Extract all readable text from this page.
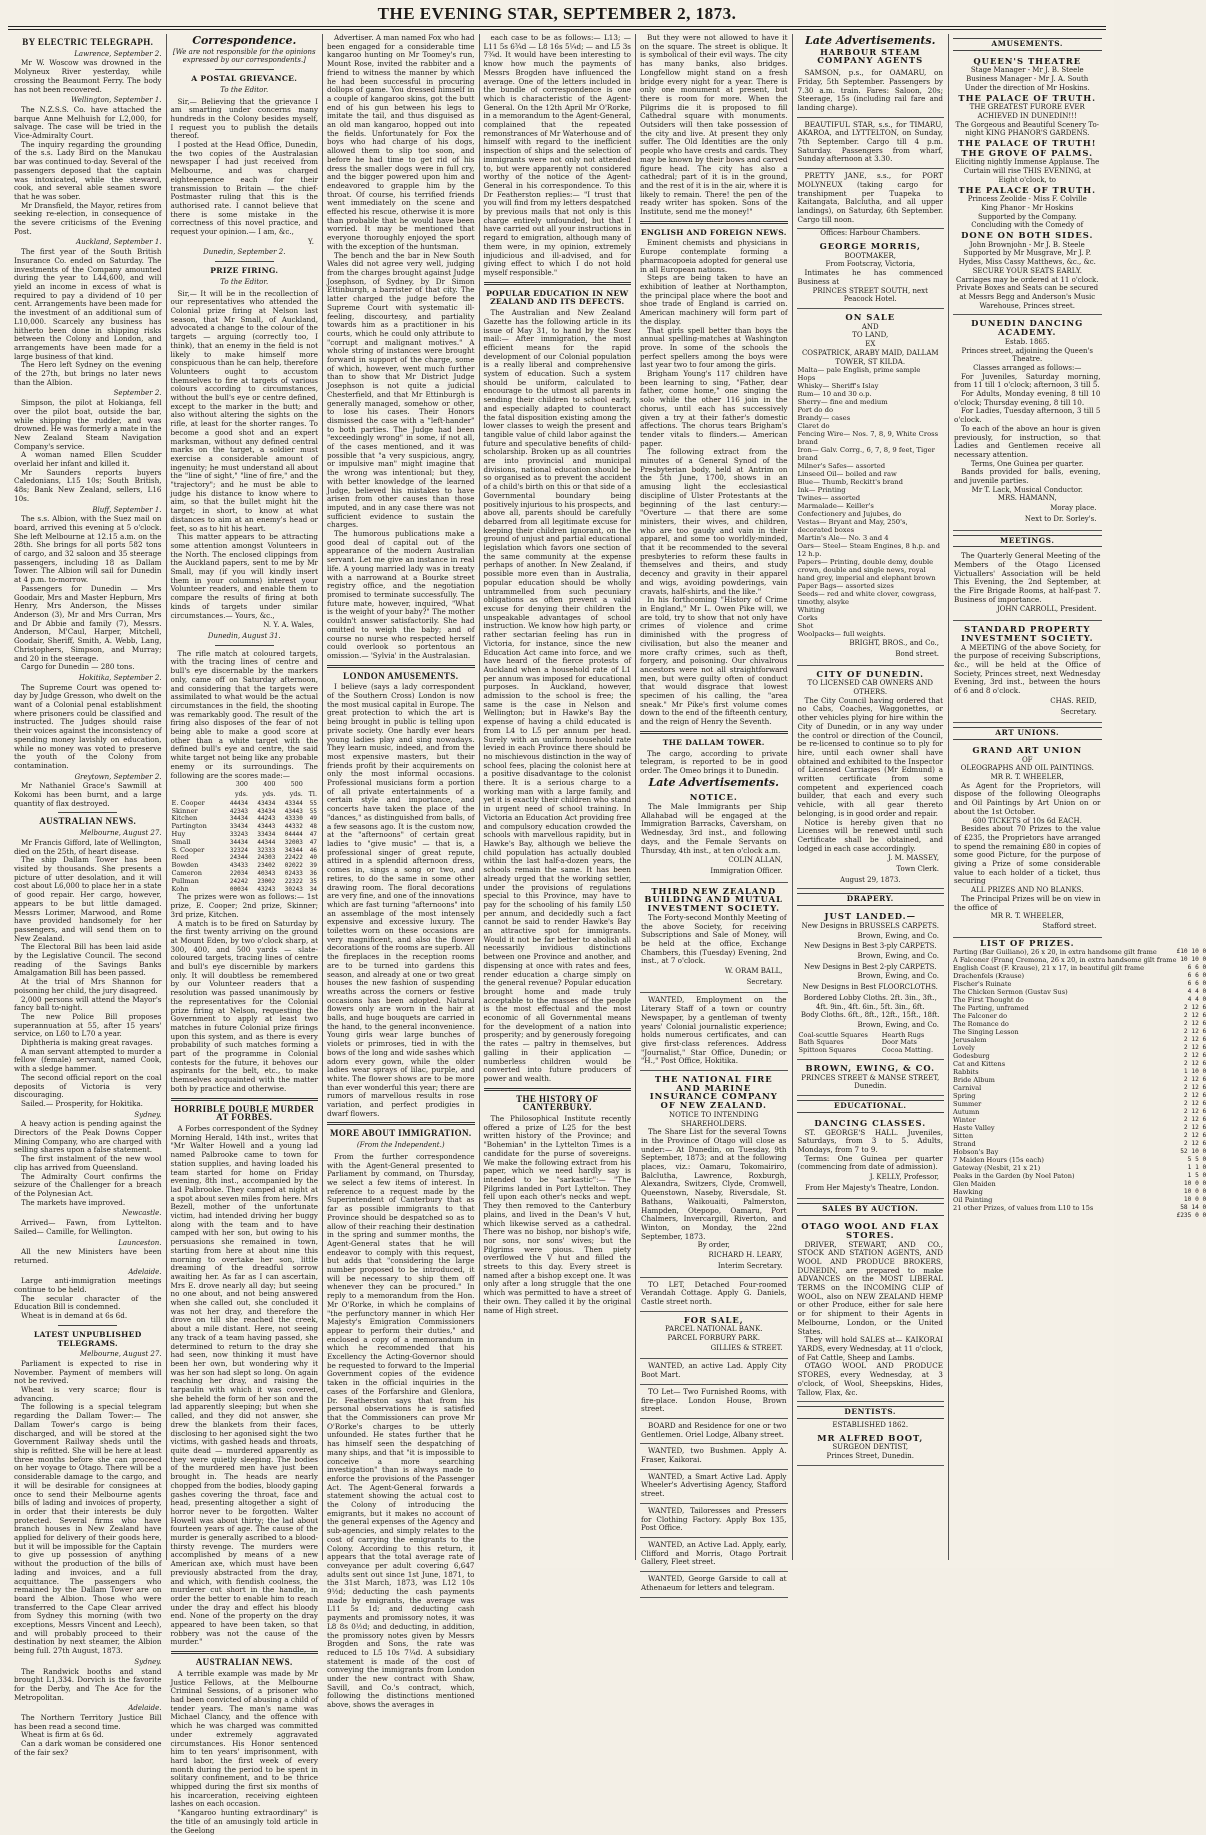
THE EVENING STAR, SEPTEMBER 2, 1873.
BY ELECTRIC TELEGRAPH.
Lawrence, September 2.

Mr W. Woscow was drowned in the Molyneux River yesterday, while crossing the Beaumont Ferry. The body has not been recovered.

Wellington, September 1.

The N.Z.S.S. Co. have attached the barque Anne Melhuish for L2,000, for salvage. The case will be tried in the Vice-Admiralty Court.

The inquiry regarding the grounding of the s.s. Lady Bird on the Manukau bar was continued to-day. Several of the passengers deposed that the captain was intoxicated, while the steward, cook, and several able seamen swore that he was sober.

Mr Dransfield, the Mayor, retires from seeking re-election, in consequence of the severe criticisms of the Evening Post.

Auckland, September 1.

The first year of the South British Insurance Co. ended on Saturday. The investments of the Company amounted during the year to L44,600, and will yield an income in excess of what is required to pay a dividend of 10 per cent. Arrangements have been made for the investment of an additional sum of L10,000. Scarcely any business has hitherto been done in shipping risks between the Colony and London, and arrangements have been made for a large business of that kind.

The Hero left Sydney on the evening of the 27th, but brings no later news than the Albion.

September 2.

Simpson, the pilot at Hokianga, fell over the pilot boat, outside the bar, while shipping the rudder, and was drowned. He was formerly a mate in the New Zealand Steam Navigation Company's service.

A woman named Ellen Scudder overlaid her infant and killed it.

Mr Saunders reports buyers Caledonians, L15 10s; South British, 48s; Bank New Zealand, sellers, L16 10s.

Bluff, September 1.

The s.s. Albion, with the Suez mail on board, arrived this evening at 5 o'clock. She left Melbourne at 12.15 a.m. on the 28th. She brings for all ports 582 tons of cargo, and 32 saloon and 35 steerage passengers, including 18 as Dallam Tower. The Albion will sail for Dunedin at 4 p.m. to-morrow.

Passengers for Dunedin — Mrs Goodair, Mrs and Master Hepburn, Mrs Henry, Mrs Anderson, the Misses Anderson (3), Mr and Mrs Curran, Mrs and Dr Abbie and family (7), Messrs. Anderson, M'Caul, Harper, Mitchell, Goodair, Sheriff, Smith, A. Webb, Lang, Christophers, Simpson, and Murray; and 20 in the steerage.

Cargo for Dunedin — 280 tons.

Hokitika, September 2.

The Supreme Court was opened to-day by Judge Gresson, who dwelt on the want of a Colonial penal establishment where prisoners could be classified and instructed. The Judges should raise their voices against the inconsistency of spending money lavishly on education, while no money was voted to preserve the youth of the Colony from contamination.

Greytown, September 2.

Mr Nathaniel Grace's Sawmill at Kokomi has been burnt, and a large quantity of flax destroyed.

AUSTRALIAN NEWS.
Melbourne, August 27.

Mr Francis Gifford, late of Wellington, died on the 25th, of heart disease.

The ship Dallam Tower has been visited by thousands. She presents a picture of utter desolation, and it will cost about L6,000 to place her in a state of good repair. Her cargo, however, appears to be but little damaged. Messrs Lorimer, Marwood, and Rome have provided handsomely for her passengers, and will send them on to New Zealand.

The Electoral Bill has been laid aside by the Legislative Council. The second reading of the Savings Banks Amalgamation Bill has been passed.

At the trial of Mrs Shannon for poisoning her child, the jury disagreed.

2,000 persons will attend the Mayor's fancy ball to-night.

The new Police Bill proposes superannuation at 55, after 15 years' service, on L60 to L70 a year.

Diphtheria is making great ravages.

A man servant attempted to murder a fellow (female) servant, named Cook, with a sledge hammer.

The second official report on the coal deposits of Victoria is very discouraging.

Sailed.— Prosperity, for Hokitika.

Sydney.

A heavy action is pending against the Directors of the Peak Downs Copper Mining Company, who are charged with selling shares upon a false statement.

The first instalment of the new wool clip has arrived from Queensland.

The Admiralty Court confirms the seizure of the Challenger for a breach of the Polynesian Act.

The markets have improved.

Newcastle.

Arrived— Fawn, from Lyttelton. Sailed— Camille, for Wellington.

Launceston.

All the new Ministers have been returned.

Adelaide.

Large anti-immigration meetings continue to be held.

The secular character of the Education Bill is condemned.

Wheat is in demand at 6s 6d.

LATEST UNPUBLISHED TELEGRAMS.
Melbourne, August 27.

Parliament is expected to rise in November. Payment of members will not be revived.

Wheat is very scarce; flour is advancing.

The following is a special telegram regarding the Dallam Tower:— The Dallam Tower's cargo is being discharged, and will be stored at the Government Railway sheds until the ship is refitted. She will be here at least three months before she can proceed on her voyage to Otago. There will be a considerable damage to the cargo, and it will be desirable for consignees at once to send their Melbourne agents bills of lading and invoices of property, in order that their interests be duly protected. Several firms who have branch houses in New Zealand have applied for delivery of their goods here, but it will be impossible for the Captain to give up possession of anything without the production of the bills of lading and invoices, and a full acquittance. The passengers who remained by the Dallam Tower are on board the Albion. Those who were transferred to the Cape Clear arrived from Sydney this morning (with two exceptions, Messrs Vincent and Leech), and will probably proceed to their destination by next steamer, the Albion being full. 27th August, 1873.

Sydney.

The Randwick booths and stand brought L1,334. Dorvich is the favorite for the Derby, and The Ace for the Metropolitan.

Adelaide.

The Northern Territory Justice Bill has been read a second time.

Wheat is firm at 6s 6d.

Can a dark woman be considered one of the fair sex?

Correspondence.
[We are not responsible for the opinions expressed by our correspondents.]
A POSTAL GRIEVANCE.
To the Editor.

Sir,— Believing that the grievance I am smarting under concerns many hundreds in the Colony besides myself, I request you to publish the details thereof.

I posted at the Head Office, Dunedin, the two copies of the Australasian newspaper I had just received from Melbourne, and was charged eighteenpence each for their transmission to Britain — the chief-Postmaster ruling that this is the authorised rate. I cannot believe that there is some mistake in the correctness of this novel practice, and request your opinion.— I am, &c.,

Y.
Dunedin, September 2.
PRIZE FIRING.
To the Editor.

Sir,— It will be in the recollection of our representatives who attended the Colonial prize firing at Nelson last season, that Mr Small, of Auckland, advocated a change to the colour of the targets — arguing (correctly too, I think), that an enemy in the field is not likely to make himself more conspicuous than he can help, therefore Volunteers ought to accustom themselves to fire at targets of various colours according to circumstances, without the bull's eye or centre defined, except to the marker in the butt; and also without altering the sights on the rifle, at least for the shorter ranges. To become a good shot and an expert marksman, without any defined central marks on the target, a soldier must exercise a considerable amount of ingenuity; he must understand all about the "line of sight," "line of fire," and the "trajectory"; and he must be able to judge his distance to know where to aim, so that the bullet might hit the target; in short, to know at what distances to aim at an enemy's head or feet, so as to hit his heart.

This matter appears to be attracting some attention amongst Volunteers in the North. The enclosed clippings from the Auckland papers, sent to me by Mr Small, may (if you will kindly insert them in your columns) interest your Volunteer readers, and enable them to compare the results of firing at both kinds of targets under similar circumstances.— Yours, &c.,

N. Y. A. Wales,
Dunedin, August 31.

The rifle match at coloured targets, with the tracing lines of centre and bull's eye discernable by the markers only, came off on Saturday afternoon, and considering that the targets were assimilated to what would be the actual circumstances in the field, the shooting was remarkably good. The result of the firing also disposes of the fear of not being able to make a good score at other than a white target with the defined bull's eye and centre, the said white target not being like any probable enemy or its surroundings. The following are the scores made:—

	300	400	500	
	yds.	yds.	yds.	Tl.
E. Cooper	44434	43434	43344	55
Skinner	42343	43434	43443	55
Kitchen	34434	44243	43330	49
Partington	33434	43443	44332	48
Huy	33243	33434	04444	47
Small	34434	44344	32003	47
S. Cooper	32324	32333	34344	46
Reed	24344	24303	22422	40
Bowden	43433	23402	02022	39
Cameron	22034	40343	02433	36
Pullman	24242	23002	22322	35
Kohn	00034	43243	30243	34

The prizes were won as follows:— 1st prize, E. Cooper; 2nd prize, Skinner; 3rd prize, Kitchen.

A match is to be fired on Saturday by the first twenty arriving on the ground at Mount Eden, by two o'clock sharp, at 300, 400, and 500 yards — slate-coloured targets, tracing lines of centre and bull's eye discernible by markers only. It will doubtless be remembered by our Volunteer readers that a resolution was passed unanimously by the representatives for the Colonial prize firing at Nelson, requesting the Government to apply at least two matches in future Colonial prize firings upon this system, and as there is every probability of such matches forming a part of the programme in Colonial contests for the future, it behoves our aspirants for the belt, etc., to make themselves acquainted with the matter both by practice and otherwise.

HORRIBLE DOUBLE MURDER AT FORBES.

A Forbes correspondent of the Sydney Morning Herald, 14th inst., writes that "Mr Walter Howell and a young lad named Palbrooke came to town for station supplies, and having loaded his team started for home on Friday evening, 8th inst., accompanied by the lad Palbrooke. They camped at night at a spot about seven miles from here. Mrs Bezell, mother of the unfortunate victim, had intended driving her buggy along with the team and to have camped with her son, but owing to his persuasions she remained in town, starting from here at about nine this morning to overtake her son, little dreaming of the dreadful sorrow awaiting her. As far as I can ascertain, Mrs E. drove nearly all day; but seeing no one about, and not being answered when she called out, she concluded it was not her dray, and therefore the drove on till she reached the creek, about a mile distant. Here, not seeing any track of a team having passed, she determined to return to the dray she had seen, now thinking it must have been her own, but wondering why it was her son had slept so long. On again reaching her dray, and raising the tarpaulin with which it was covered, she beheld the form of her son and the lad apparently sleeping; but when she called, and they did not answer, she drew the blankets from their faces, disclosing to her agonised sight the two victims, with gashed heads and throats, quite dead — murdered apparently as they were quietly sleeping. The bodies of the murdered men have just been brought in. The heads are nearly chopped from the bodies, bloody gaping gashes covering the throat, face and head, presenting altogether a sight of horror never to be forgotten. Walter Howell was about thirty; the lad about fourteen years of age. The cause of the murder is generally ascribed to a blood-thirsty revenge. The murders were accomplished by means of a new American axe, which must have been previously abstracted from the dray, and which, with fiendish coolness, the murderer cut short in the handle, in order the better to enable him to reach under the dray and effect his bloody end. None of the property on the dray appeared to have been taken, so that robbery was not the cause of the murder."

AUSTRALIAN NEWS.

A terrible example was made by Mr Justice Fellows, at the Melbourne Criminal Sessions, of a prisoner who had been convicted of abusing a child of tender years. The man's name was Michael Clancy, and the offence with which he was charged was committed under extremely aggravated circumstances. His Honor sentenced him to ten years' imprisonment, with hard labor, the first week of every month during the period to be spent in solitary confinement, and to be thrice whipped during the first six months of his incarceration, receiving eighteen lashes on each occasion.

"Kangaroo hunting extraordinary" is the title of an amusingly told article in the Geelong

Advertiser. A man named Fox who had been engaged for a considerable time kangaroo hunting on Mr Toomey's run, Mount Rose, invited the rabbiter and a friend to witness the manner by which he had been successful in procuring dollops of game. You dressed himself in a couple of kangaroo skins, got the butt end of his gun between his legs to imitate the tail, and thus disguised as an old man kangaroo, hopped out into the fields. Unfortunately for Fox the boys who had charge of his dogs, allowed them to slip too soon, and before he had time to get rid of his dress the smaller dogs were in full cry, and the bigger powered upon him and endeavored to grapple him by the throat. Of course, his terrified friends went immediately on the scene and effected his rescue, otherwise it is more than probable that he would have been worried. It may be mentioned that everyone thoroughly enjoyed the sport with the exception of the huntsman.

The bench and the bar in New South Wales did not agree very well, judging from the charges brought against Judge Josephson, of Sydney, by Dr Simon Ettinburgh, a barrister of that city. The latter charged the judge before the Supreme Court with systematic ill-feeling, discourtesy, and partiality towards him as a practitioner in his courts, which he could only attribute to "corrupt and malignant motives." A whole string of instances were brought forward in support of the charge, some of which, however, went much further than to show that Mr District Judge Josephson is not quite a judicial Chesterfield, and that Mr Ettinburgh is generally managed, somehow or other, to lose his cases. Their Honors dismissed the case with a "left-hander" to both parties. The Judge had been "exceedingly wrong" in some, if not all, of the cases mentioned, and it was possible that "a very suspicious, angry, or impulsive man" might imagine that the wrong was intentional; but they, with better knowledge of the learned Judge, believed his mistakes to have arisen from other causes than those imputed, and in any case there was not sufficient evidence to sustain the charges.

The humorous publications make a good deal of capital out of the appearance of the modern Australian servant. Let me give an instance in real life. A young married lady was in treaty with a narrowand at a Bourke street registry office, and the negotiation promised to terminate successfully. The future mate, however, inquired, "What is the weight of your baby?" The mother couldn't answer satisfactorily. She had omitted to weigh the baby; and of course no nurse who respected herself could overlook so portentous an omission.— 'Sylvia' in the Australasian.

LONDON AMUSEMENTS.

I believe (says a lady correspondent of the Southern Cross) London is now the most musical capital in Europe. The great protection to which the art is being brought in public is telling upon private society. One hardly ever hears young ladies play and sing nowadays. They learn music, indeed, and from the most expensive masters, but their friends profit by their acquirements on only the most informal occasions. Professional musicians form a portion of all private entertainments of a certain style and importance, and concerts have taken the place of the "dances," as distinguished from balls, of a few seasons ago. It is the custom now, at the "afternoons" of certain great ladies to "give music" — that is, a professional singer of great repute, attired in a splendid afternoon dress, comes in, sings a song or two, and retires, to do the same in some other drawing room. The floral decorations are very fine, and one of the innovations which are fast turning "afternoons" into an assemblage of the most intensely expensive and excessive luxury. The toilettes worn on these occasions are very magnificent, and also the flower decorations of the rooms are superb. All the fireplaces in the reception rooms are to be turned into gardens this season, and already at one or two great houses the new fashion of suspending wreaths across the corners or festive occasions has been adopted. Natural flowers only are worn in the hair at balls, and huge bouquets are carried in the hand, to the general inconvenience. Young girls wear large bunches of violets or primroses, tied in with the bows of the long and wide sashes which adorn every gown, while the older ladies wear sprays of lilac, purple, and white. The flower shows are to be more than ever wonderful this year; there are rumors of marvellous results in rose variation, and perfect prodigies in dwarf flowers.

MORE ABOUT IMMIGRATION.
(From the Independent.)

From the further correspondence with the Agent-General presented to Parliament by command, on Thursday, we select a few items of interest. In reference to a request made by the Superintendent of Canterbury that as far as possible immigrants to that Province should be despatched so as to allow of their reaching their destination in the spring and summer months, the Agent-General states that he will endeavor to comply with this request, but adds that "considering the large number proposed to be introduced, it will be necessary to ship them off whenever they can be procured." In reply to a memorandum from the Hon. Mr O'Rorke, in which he complains of "the perfunctory manner in which Her Majesty's Emigration Commissioners appear to perform their duties," and enclosed a copy of a memorandum in which he recommended that his Excellency the Acting-Governor should be requested to forward to the Imperial Government copies of the evidence taken in the official inquiries in the cases of the Forfarshire and Glenlora, Dr. Featherston says that from his personal observations he is satisfied that the Commissioners can prove Mr O'Rorke's charges to be utterly unfounded. He states further that he has himself seen the despatching of many ships, and that "it is impossible to conceive a more searching investigation" than is always made to enforce the provisions of the Passenger Act. The Agent-General forwards a statement showing the actual cost to the Colony of introducing the emigrants, but it makes no account of the general expenses of the Agency and sub-agencies, and simply relates to the cost of carrying the emigrants to the Colony. According to this return, it appears that the total average rate of conveyance per adult covering 6,647 adults sent out since 1st June, 1871, to the 31st March, 1873, was L12 10s 9½d; deducting the cash payments made by emigrants, the average was L11 5s 1d; and deducting cash payments and promissory notes, it was L8 8s 0½d; and deducting, in addition, the promissory notes given by Messrs Brogden and Sons, the rate was reduced to L5 10s 7¼d. A subsidiary statement is made of the cost of conveying the immigrants from London under the new contract with Shaw, Savill, and Co.'s contract, which, following the distinctions mentioned above, shows the averages in

each case to be as follows:— L13; — L11 5s 6¾d — L8 16s 5¼d; — and L5 3s 7¾d. It would have been interesting to know how much the payments of Messrs Brogden have influenced the average. One of the letters included in the bundle of correspondence is one which is characteristic of the Agent-General. On the 12th April Mr O'Rorke, in a memorandum to the Agent-General, complained that the repeated remonstrances of Mr Waterhouse and of himself with regard to the inefficient inspection of ships and the selection of immigrants were not only not attended to, but were apparently not considered worthy of the notice of the Agent-General in his correspondence. To this Dr Featherston replies:— "I trust that you will find from my letters despatched by previous mails that not only is this charge entirely unfounded, but that I have carried out all your instructions in regard to emigration, although many of them were, in my opinion, extremely injudicious and ill-advised, and for giving effect to which I do not hold myself responsible."

POPULAR EDUCATION IN NEW ZEALAND AND ITS DEFECTS.

The Australian and New Zealand Gazette has the following article in its issue of May 31, to hand by the Suez mail:— After immigration, the most efficient means for the rapid development of our Colonial population is a really liberal and comprehensive system of education. Such a system should be uniform, calculated to encourage to the utmost all parents in sending their children to school early, and especially adapted to counteract the fatal disposition existing among the lower classes to weigh the present and tangible value of child labor against the future and speculative benefits of child-scholarship. Broken up as all countries are into provincial and municipal divisions, national education should be so organised as to prevent the accident of a child's birth on this or that side of a Governmental boundary being positively injurious to his prospects, and above all, parents should be carefully debarred from all legitimate excuse for keeping their children ignorant, on the ground of unjust and partial educational legislation which favors one section of the same community at the expense perhaps of another. In New Zealand, if possible more even than in Australia, popular education should be wholly untrammelled from such pecuniary obligations as often prevent a valid excuse for denying their children the unspeakable advantages of school instruction. We know how high party, or rather sectarian feeling has run in Victoria, for instance, since the new Education Act came into force, and we have heard of the fierce protests of Auckland when a household rate of L1 per annum was imposed for educational purposes. In Auckland, however, admission to the school is free; the same is the case in Nelson and Wellington; but in Hawke's Bay the expense of having a child educated is from L4 to L5 per annum per head. Surely with an uniform household rate levied in each Province there should be no mischievous distinction in the way of school fees, placing the colonist here at a positive disadvantage to the colonist there. It is a serious charge to a working man with a large family, and yet it is exactly their children who stand in urgent need of school training. In Victoria an Education Act providing free and compulsory education crowded the schools with marvellous rapidity, but in Hawke's Bay, although we believe the child population has actually doubled within the last half-a-dozen years, the schools remain the same. It has been already urged that the working settler, under the provisions of regulations special to this Province, may have to pay for the schooling of his family L50 per annum, and decidedly such a fact cannot be said to render Hawke's Bay an attractive spot for immigrants. Would it not be far better to abolish all necessarily invidious distinctions between one Province and another, and dispensing at once with rates and fees, render education a charge simply on the general revenue? Popular education brought home and made truly acceptable to the masses of the people is the most effectual and the most economic of all Governmental means for the development of a nation into prosperity; and by generously foregoing the rates — paltry in themselves, but galling in their application — numberless children would be converted into future producers of power and wealth.

THE HISTORY OF CANTERBURY.

The Philosophical Institute recently offered a prize of L25 for the best written history of the Province; and "Bohemian" in the Lyttelton Times is a candidate for the purse of sovereigns. We make the following extract from his paper, which we need hardly say is intended to be "sarkastic":— "The Pilgrims landed in Port Lyttelton. They fell upon each other's necks and wept. They then removed to the Canterbury plains, and lived in the Dean's V hut, which likewise served as a cathedral. There was no bishop, nor bishop's wife, nor sons, nor sons' wives; but the Pilgrims were pious. Then piety overflowed the V hut and filled the streets to this day. Every street is named after a bishop except one. It was only after a long struggle that the one which was permitted to have a street of their own. They called it by the original name of High street.

But they were not allowed to have it on the square. The street is oblique. It is symbolical of their evil ways. The city has many banks, also bridges. Longfellow might stand on a fresh bridge every night for a year. There is only one monument at present, but there is room for more. When the Pilgrims die it is proposed to fill Cathedral square with monuments. Outsiders will then take possession of the city and live. At present they only suffer. The Old Identities are the only people who have crests and cards. They may be known by their bows and carved figure head. The city has also a cathedral; part of it is in the ground, and the rest of it is in the air, where it is likely to remain. There! the pen of the ready writer has spoken. Sons of the Institute, send me the money!"

ENGLISH AND FOREIGN NEWS.

Eminent chemists and physicians in Europe contemplate forming a pharmacopoeia adopted for general use in all European nations.

Steps are being taken to have an exhibition of leather at Northampton, the principal place where the boot and shoe trade of England is carried on. American machinery will form part of the display.

That girls spell better than boys the annual spelling-matches at Washington prove. In some of the schools the perfect spellers among the boys were last year two to four among the girls.

Brigham Young's 117 children have been learning to sing, "Father, dear father, come home," one singing the solo while the other 116 join in the chorus, until each has successively given a try at their father's domestic affections. The chorus tears Brigham's tender vitals to flinders.— American paper.

The following extract from the minutes of a General Synod of the Presbyterian body, held at Antrim on the 5th June, 1700, shows in an amusing light the ecclesiastical discipline of Ulster Protestants at the beginning of the last century:— "Overture — that there are some ministers, their wives, and children, who are too gaudy and vain in their apparel, and some too worldly-minded, that it be recommended to the several presbyteries to reform these faults in themselves and theirs, and study decency and gravity in their apparel and wigs, avoiding powderings, vain cravats, half-shirts, and the like."

In his forthcoming "History of Crime in England," Mr L. Owen Pike will, we are told, try to show that not only have crimes of violence and crime diminished with the progress of civilisation, but also the meaner and more crafty crimes, such as theft, forgery, and poisoning. Our chivalrous ancestors were not all straightforward men, but were guilty often of conduct that would disgrace that lowest specimen of his calling, the "area sneak." Mr Pike's first volume comes down to the end of the fifteenth century, and the reign of Henry the Seventh.

THE DALLAM TOWER.

The cargo, according to private telegram, is reported to be in good order. The Omeo brings it to Dunedin.

Late Advertisements.
NOTICE.

The Male Immigrants per Ship Allahabad will be engaged at the Immigration Barracks, Caversham, on Wednesday, 3rd inst., and following days, and the Female Servants on Thursday, 4th inst., at ten o'clock a.m.

COLIN ALLAN,
Immigration Officer.
THIRD NEW ZEALAND BUILDING AND MUTUAL INVESTMENT SOCIETY.

The Forty-second Monthly Meeting of the above Society, for receiving Subscriptions and Sale of Money, will be held at the office, Exchange Chambers, this (Tuesday) Evening, 2nd inst., at 7 o'clock.

W. ORAM BALL,
Secretary.

WANTED, Employment on the Literary Staff of a town or country Newspaper, by a gentleman of twenty years' Colonial journalistic experience; holds numerous certificates, and can give first-class references. Address "Journalist," Star Office, Dunedin; or "H.," Post Office, Hokitika.

THE NATIONAL FIRE AND MARINE INSURANCE COMPANY OF NEW ZEALAND.
NOTICE TO INTENDING SHAREHOLDERS.

The Share List for the several Towns in the Province of Otago will close as under:— At Dunedin, on Tuesday, 9th September, 1873; and at the following places, viz.: Oamaru, Tokomairiro, Balclutha, Lawrence, Roxburgh, Alexandra, Switzers, Clyde, Cromwell, Queenstown, Naseby, Riversdale, St. Bathans, Waikouaiti, Palmerston, Hampden, Otepopo, Oamaru, Port Chalmers, Invercargill, Riverton, and Winton, on Monday, the 22nd September, 1873.

By order,
RICHARD H. LEARY,
Interim Secretary.

TO LET, Detached Four-roomed Verandah Cottage. Apply G. Daniels, Castle street north.

FOR SALE,
PARCEL NATIONAL BANK.
PARCEL FORBURY PARK.
GILLIES & STREET.

WANTED, an active Lad. Apply City Boot Mart.

TO Let— Two Furnished Rooms, with fire-place. London House, Brown street.

BOARD and Residence for one or two Gentlemen. Oriel Lodge, Albany street.

WANTED, two Bushmen. Apply A. Fraser, Kaikorai.

WANTED, a Smart Active Lad. Apply Wheeler's Advertising Agency, Stafford street.

WANTED, Tailoresses and Pressers for Clothing Factory. Apply Box 135, Post Office.

WANTED, an Active Lad. Apply, early, Clifford and Morris, Otago Portrait Gallery, Fleet street.

WANTED, George Garside to call at Athenaeum for letters and telegram.

Late Advertisements.
HARBOUR STEAM COMPANY AGENTS

SAMSON, p.s., for OAMARU, on Friday, 5th September. Passengers by 7.30 a.m. train. Fares: Saloon, 20s; Steerage, 15s (including rail fare and landing charge).

BEAUTIFUL STAR, s.s., for TIMARU, AKAROA, and LYTTELTON, on Sunday, 7th September. Cargo till 4 p.m. Saturday. Passengers from wharf, Sunday afternoon at 3.30.

PRETTY JANE, s.s., for PORT MOLYNEUX (taking cargo for transhipment per Tuapeka to Kaitangata, Balclutha, and all upper landings), on Saturday, 6th September. Cargo till noon.

Offices: Harbour Chambers.
GEORGE MORRIS,
BOOTMAKER,
From Footscray, Victoria,

Intimates he has commenced Business at

PRINCES STREET SOUTH, next Peacock Hotel.
ON SALE
AND
TO LAND,
EX
COSPATRICK, ARABY MAID, DALLAM TOWER, ST KILDA.
Malta— pale English, prime sample
Hops
Whisky— Sheriff's Islay
Rum— 10 and 30 o.p.
Sherry— fine and medium
Port do do
Brandy— cases
Claret do
Fencing Wire— Nos. 7, 8, 9, White Cross brand
Iron— Galv. Corrg., 6, 7, 8, 9 feet, Tiger brand
Milner's Safes— assorted
Linseed Oil— boiled and raw
Blue— Thumb, Reckitt's brand
Ink— Printing
Twines— assorted
Marmalade— Keiller's
Confectionery and Jujubes, do
Vestas— Bryant and May, 250's, decorated boxes
Martin's Ale— No. 3 and 4
Oars— Steel— Steam Engines, 8 h.p. and 12 h.p.
Papers— Printing, double demy, double crown, double and single news, royal hand grey, imperial and elephant brown
Paper Bags— assorted sizes
Seeds— red and white clover, cowgrass, timothy, alsyke
Whiting
Corks
Shot
Woolpacks— full weights.
BRIGHT, BROS., and Co.,
Bond street.
CITY OF DUNEDIN.
TO LICENSED CAB OWNERS AND OTHERS.

The City Council having ordered that no Cabs, Coaches, Waggonettes, or other vehicles plying for hire within the City of Dunedin, or in any way under the control or direction of the Council, be re-licensed to continue so to ply for hire, until each owner shall have obtained and exhibited to the Inspector of Licensed Carriages (Mr Edmund) a written certificate from some competent and experienced coach builder, that each and every such vehicle, with all gear thereto belonging, is in good order and repair.

Notice is hereby given that no Licenses will be renewed until such Certificate shall be obtained, and lodged in each case accordingly.

J. M. MASSEY,
Town Clerk.
August 29, 1873.
DRAPERY.
JUST LANDED.—
New Designs in BRUSSELS CARPETS.
Brown, Ewing, and Co.
New Designs in Best 3-ply CARPETS.
Brown, Ewing, and Co.
New Designs in Best 2-ply CARPETS.
Brown, Ewing, and Co.
New Designs in Best FLOORCLOTHS.
Bordered Lobby Cloths. 2ft. 3in., 3ft., 4ft. 9in., 4ft. 6in., 5ft. 3in., 6ft.
Body Cloths. 6ft., 8ft., 12ft., 15ft., 18ft.
Brown, Ewing, and Co.
Coal-scuttle Squares	Hearth Rugs
Bath Squares	Door Mats
Spittoon Squares	Cocoa Matting.
BROWN, EWING, & CO.
PRINCES STREET & MANSE STREET,
Dunedin.
EDUCATIONAL.
DANCING CLASSES.

ST. GEORGE'S HALL. Juveniles, Saturdays, from 3 to 5. Adults, Mondays, from 7 to 9.

Terms: One Guinea per quarter (commencing from date of admission).

J. KELLY, Professor,
From Her Majesty's Theatre, London.
SALES BY AUCTION.
OTAGO WOOL AND FLAX STORES.

DRIVER, STEWART, AND CO., STOCK AND STATION AGENTS, AND WOOL AND PRODUCE BROKERS, DUNEDIN, are prepared to make ADVANCES on the MOST LIBERAL TERMS on the INCOMING CLIP of WOOL, also on NEW ZEALAND HEMP or other Produce, either for sale here or for shipment to their Agents in Melbourne, London, or the United States.

They will hold SALES at— KAIKORAI YARDS, every Wednesday, at 11 o'clock, of Fat Cattle, Sheep and Lambs.

OTAGO WOOL AND PRODUCE STORES, every Wednesday, at 3 o'clock, of Wool, Sheepskins, Hides, Tallow, Flax, &c.

DENTISTS.
ESTABLISHED 1862.
MR ALFRED BOOT,
SURGEON DENTIST,
Princes Street, Dunedin.
AMUSEMENTS.
QUEEN'S THEATRE
Stage Manager - Mr J. B. Steele
Business Manager - Mr J. A. South
Under the direction of Mr Hoskins.
THE PALACE OF TRUTH.
THE GREATEST FURORE EVER ACHIEVED IN DUNEDIN!!!
The Gorgeous and Beautiful Scenery To-night KING PHANOR'S GARDENS.
THE PALACE OF TRUTH!
THE GROVE OF PALMS.
Eliciting nightly Immense Applause. The Curtain will rise THIS EVENING, at Eight o'clock, to
THE PALACE OF TRUTH.
Princess Zeolide - Miss F. Colville
King Phanor - Mr Hoskins
Supported by the Company.
Concluding with the Comedy of
DONE ON BOTH SIDES.
John Brownjohn - Mr J. B. Steele
Supported by Mr Musgrave, Mr J. P. Hydes, Miss Cassy Matthews, &c., &c.
SECURE YOUR SEATS EARLY.
Carriages may be ordered at 11 o'clock.
Private Boxes and Seats can be secured at Messrs Begg and Anderson's Music Warehouse, Princes street.
DUNEDIN DANCING ACADEMY.
Estab. 1865.
Princes street, adjoining the Queen's Theatre.
Classes arranged as follows:—

For Juveniles, Saturday morning, from 11 till 1 o'clock; afternoon, 3 till 5.

For Adults, Monday evening, 8 till 10 o'clock; Thursday evening, 8 till 10.

For Ladies, Tuesday afternoon, 3 till 5 o'clock.

To each of the above an hour is given previously, for instruction, so that Ladies and Gentlemen receive all necessary attention.

Terms, One Guinea per quarter.

Bands provided for balls, evening, and juvenile parties.

Mr T. Lack, Musical Conductor.
MRS. HAMANN,
Moray place.
Next to Dr. Sorley's.
MEETINGS.

The Quarterly General Meeting of the Members of the Otago Licensed Victuallers' Association will be held This Evening, the 2nd September, at the Fire Brigade Rooms, at half-past 7. Business of importance.

JOHN CARROLL, President.
STANDARD PROPERTY INVESTMENT SOCIETY.

A MEETING of the above Society, for the purpose of receiving Subscriptions, &c., will be held at the Office of Society, Princes street, next Wednesday Evening, 3rd inst., between the hours of 6 and 8 o'clock.

CHAS. REID,
Secretary.
ART UNIONS.
GRAND ART UNION
OF
OLEOGRAPHS AND OIL PAINTINGS.
MR R. T. WHEELER,

As Agent for the Proprietors, will dispose of the following Oleographs and Oil Paintings by Art Union on or about the 1st October.

600 TICKETS of 10s 6d EACH.

Besides about 70 Prizes to the value of £235, the Proprietors have arranged to spend the remaining £80 in copies of some good Picture, for the purpose of giving a Prize of some considerable value to each holder of a ticket, thus securing

ALL PRIZES AND NO BLANKS.

The Principal Prizes will be on view in the office of

MR R. T. WHEELER,
Stafford street.
LIST OF PRIZES.
Parting (Bar Guiliano), 26 x 20, in extra handsome gilt frame	£10 10 0
A Falconer (Franq Cremona, 26 x 20, in extra handsome gilt frame	10 10 0
English Coast (F. Krause), 21 x 17, in beautiful gilt frame	6 6 0
Drachenfels (Krause)	6 6 0
Fischer's Ruinate	6 6 0
The Chicken Sermon (Gustav Sus)	4 4 0
The First Thought do	4 4 0
The Parting, unframed	2 12 6
The Falconer do	2 12 6
The Romance do	2 12 6
The Singing Lesson	2 12 6
Jerusalem	2 12 6
Lovely	2 12 6
Godesburg	2 12 6
Cat and Kittens	2 12 6
Rabbits	1 10 0
Bride Album	2 12 6
Carnival	2 12 6
Spring	2 12 6
Summer	2 12 6
Autumn	2 12 6
Winter	2 12 6
Haste Valley	2 12 6
Sitten	2 12 6
Strand	2 12 6
Hobson's Bay	52 10 0
7 Maiden Hours (15s each)	5 5 0
Gateway (Nesbit, 21 x 21)	1 1 0
Peaks in the Garden (by Noel Paton)	1 5 0
Glen Maiden	10 0 0
Hawking	10 0 0
Oil Painting	10 0 0
21 other Prizes, of values from L10 to 15s	58 14 0
	£235 0 0
